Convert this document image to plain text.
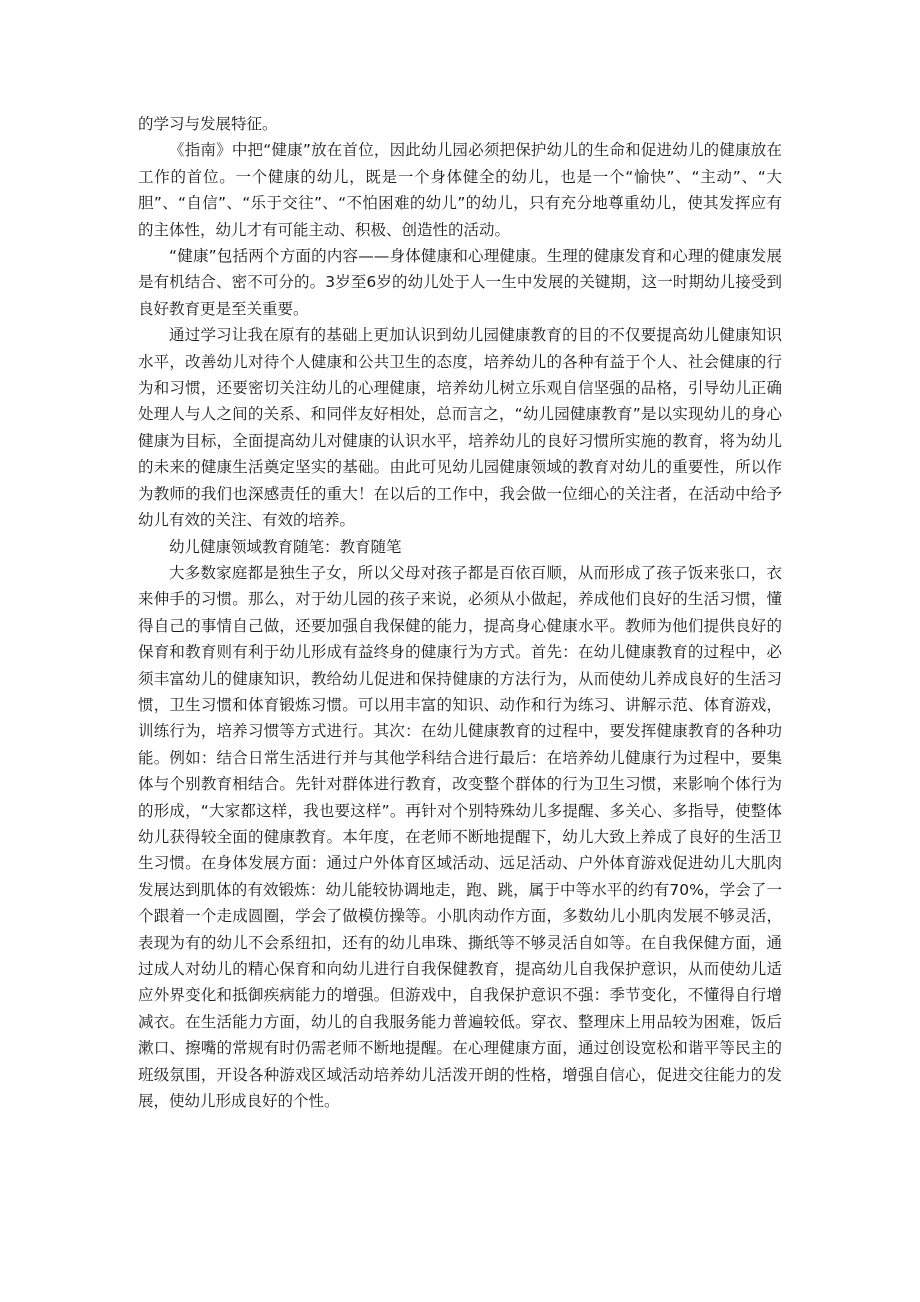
的学习与发展特征。

《指南》中把“健康”放在首位，因此幼儿园必须把保护幼儿的生命和促进幼儿的健康放在工作的首位。一个健康的幼儿，既是一个身体健全的幼儿，也是一个“愉快”、“主动”、“大胆”、“自信”、“乐于交往”、“不怕困难的幼儿”的幼儿，只有充分地尊重幼儿，使其发挥应有的主体性，幼儿才有可能主动、积极、创造性的活动。

“健康”包括两个方面的内容——身体健康和心理健康。生理的健康发育和心理的健康发展是有机结合、密不可分的。3岁至6岁的幼儿处于人一生中发展的关键期，这一时期幼儿接受到良好教育更是至关重要。

通过学习让我在原有的基础上更加认识到幼儿园健康教育的目的不仅要提高幼儿健康知识水平，改善幼儿对待个人健康和公共卫生的态度，培养幼儿的各种有益于个人、社会健康的行为和习惯，还要密切关注幼儿的心理健康，培养幼儿树立乐观自信坚强的品格，引导幼儿正确处理人与人之间的关系、和同伴友好相处，总而言之，“幼儿园健康教育”是以实现幼儿的身心健康为目标，全面提高幼儿对健康的认识水平，培养幼儿的良好习惯所实施的教育，将为幼儿的未来的健康生活奠定坚实的基础。由此可见幼儿园健康领域的教育对幼儿的重要性，所以作为教师的我们也深感责任的重大！在以后的工作中，我会做一位细心的关注者，在活动中给予幼儿有效的关注、有效的培养。

幼儿健康领域教育随笔：教育随笔

大多数家庭都是独生子女，所以父母对孩子都是百依百顺，从而形成了孩子饭来张口，衣来伸手的习惯。那么，对于幼儿园的孩子来说，必须从小做起，养成他们良好的生活习惯，懂得自己的事情自己做，还要加强自我保健的能力，提高身心健康水平。教师为他们提供良好的保育和教育则有利于幼儿形成有益终身的健康行为方式。首先：在幼儿健康教育的过程中，必须丰富幼儿的健康知识，教给幼儿促进和保持健康的方法行为，从而使幼儿养成良好的生活习惯，卫生习惯和体育锻炼习惯。可以用丰富的知识、动作和行为练习、讲解示范、体育游戏，训练行为，培养习惯等方式进行。其次：在幼儿健康教育的过程中，要发挥健康教育的各种功能。例如：结合日常生活进行并与其他学科结合进行最后：在培养幼儿健康行为过程中，要集体与个别教育相结合。先针对群体进行教育，改变整个群体的行为卫生习惯，来影响个体行为的形成，“大家都这样，我也要这样”。再针对个别特殊幼儿多提醒、多关心、多指导，使整体幼儿获得较全面的健康教育。本年度，在老师不断地提醒下，幼儿大致上养成了良好的生活卫生习惯。在身体发展方面：通过户外体育区域活动、远足活动、户外体育游戏促进幼儿大肌肉发展达到肌体的有效锻炼：幼儿能较协调地走，跑、跳，属于中等水平的约有70%，学会了一个跟着一个走成圆圈，学会了做模仿操等。小肌肉动作方面，多数幼儿小肌肉发展不够灵活，表现为有的幼儿不会系纽扣，还有的幼儿串珠、撕纸等不够灵活自如等。在自我保健方面，通过成人对幼儿的精心保育和向幼儿进行自我保健教育，提高幼儿自我保护意识，从而使幼儿适应外界变化和抵御疾病能力的增强。但游戏中，自我保护意识不强：季节变化，不懂得自行增减衣。在生活能力方面，幼儿的自我服务能力普遍较低。穿衣、整理床上用品较为困难，饭后漱口、擦嘴的常规有时仍需老师不断地提醒。在心理健康方面，通过创设宽松和谐平等民主的班级氛围，开设各种游戏区域活动培养幼儿活泼开朗的性格，增强自信心，促进交往能力的发展，使幼儿形成良好的个性。
